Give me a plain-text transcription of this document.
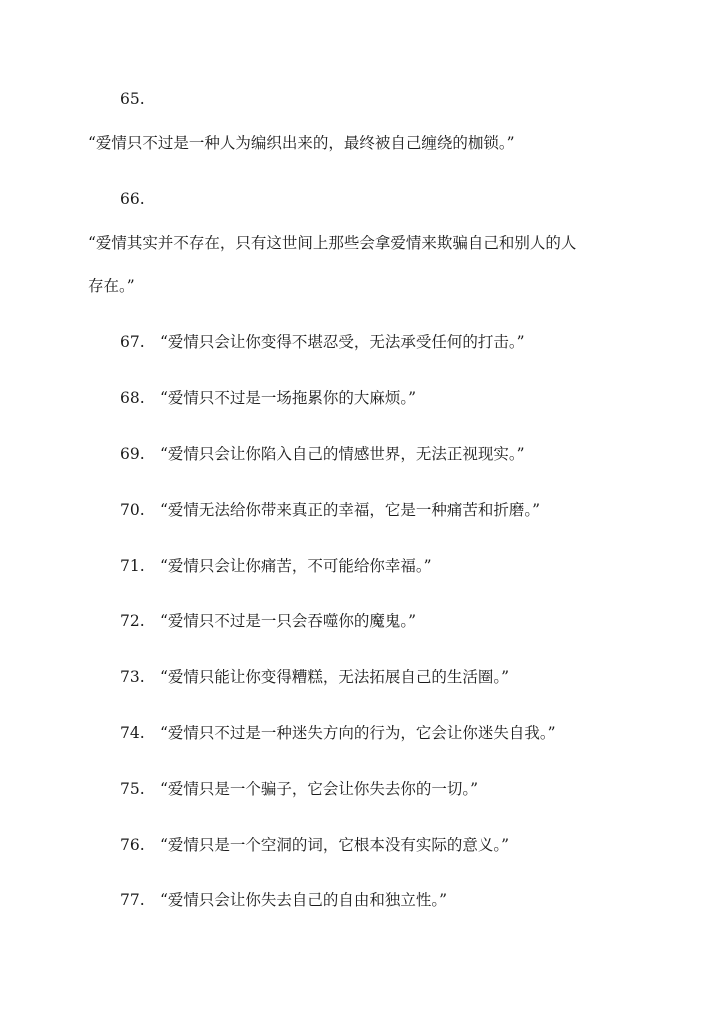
65.
“爱情只不过是一种人为编织出来的，最终被自己缠绕的枷锁。”
66.
“爱情其实并不存在，只有这世间上那些会拿爱情来欺骗自己和别人的人
存在。”
67. “爱情只会让你变得不堪忍受，无法承受任何的打击。”
68. “爱情只不过是一场拖累你的大麻烦。”
69. “爱情只会让你陷入自己的情感世界，无法正视现实。”
70. “爱情无法给你带来真正的幸福，它是一种痛苦和折磨。”
71. “爱情只会让你痛苦，不可能给你幸福。”
72. “爱情只不过是一只会吞噬你的魔鬼。”
73. “爱情只能让你变得糟糕，无法拓展自己的生活圈。”
74. “爱情只不过是一种迷失方向的行为，它会让你迷失自我。”
75. “爱情只是一个骗子，它会让你失去你的一切。”
76. “爱情只是一个空洞的词，它根本没有实际的意义。”
77. “爱情只会让你失去自己的自由和独立性。”
